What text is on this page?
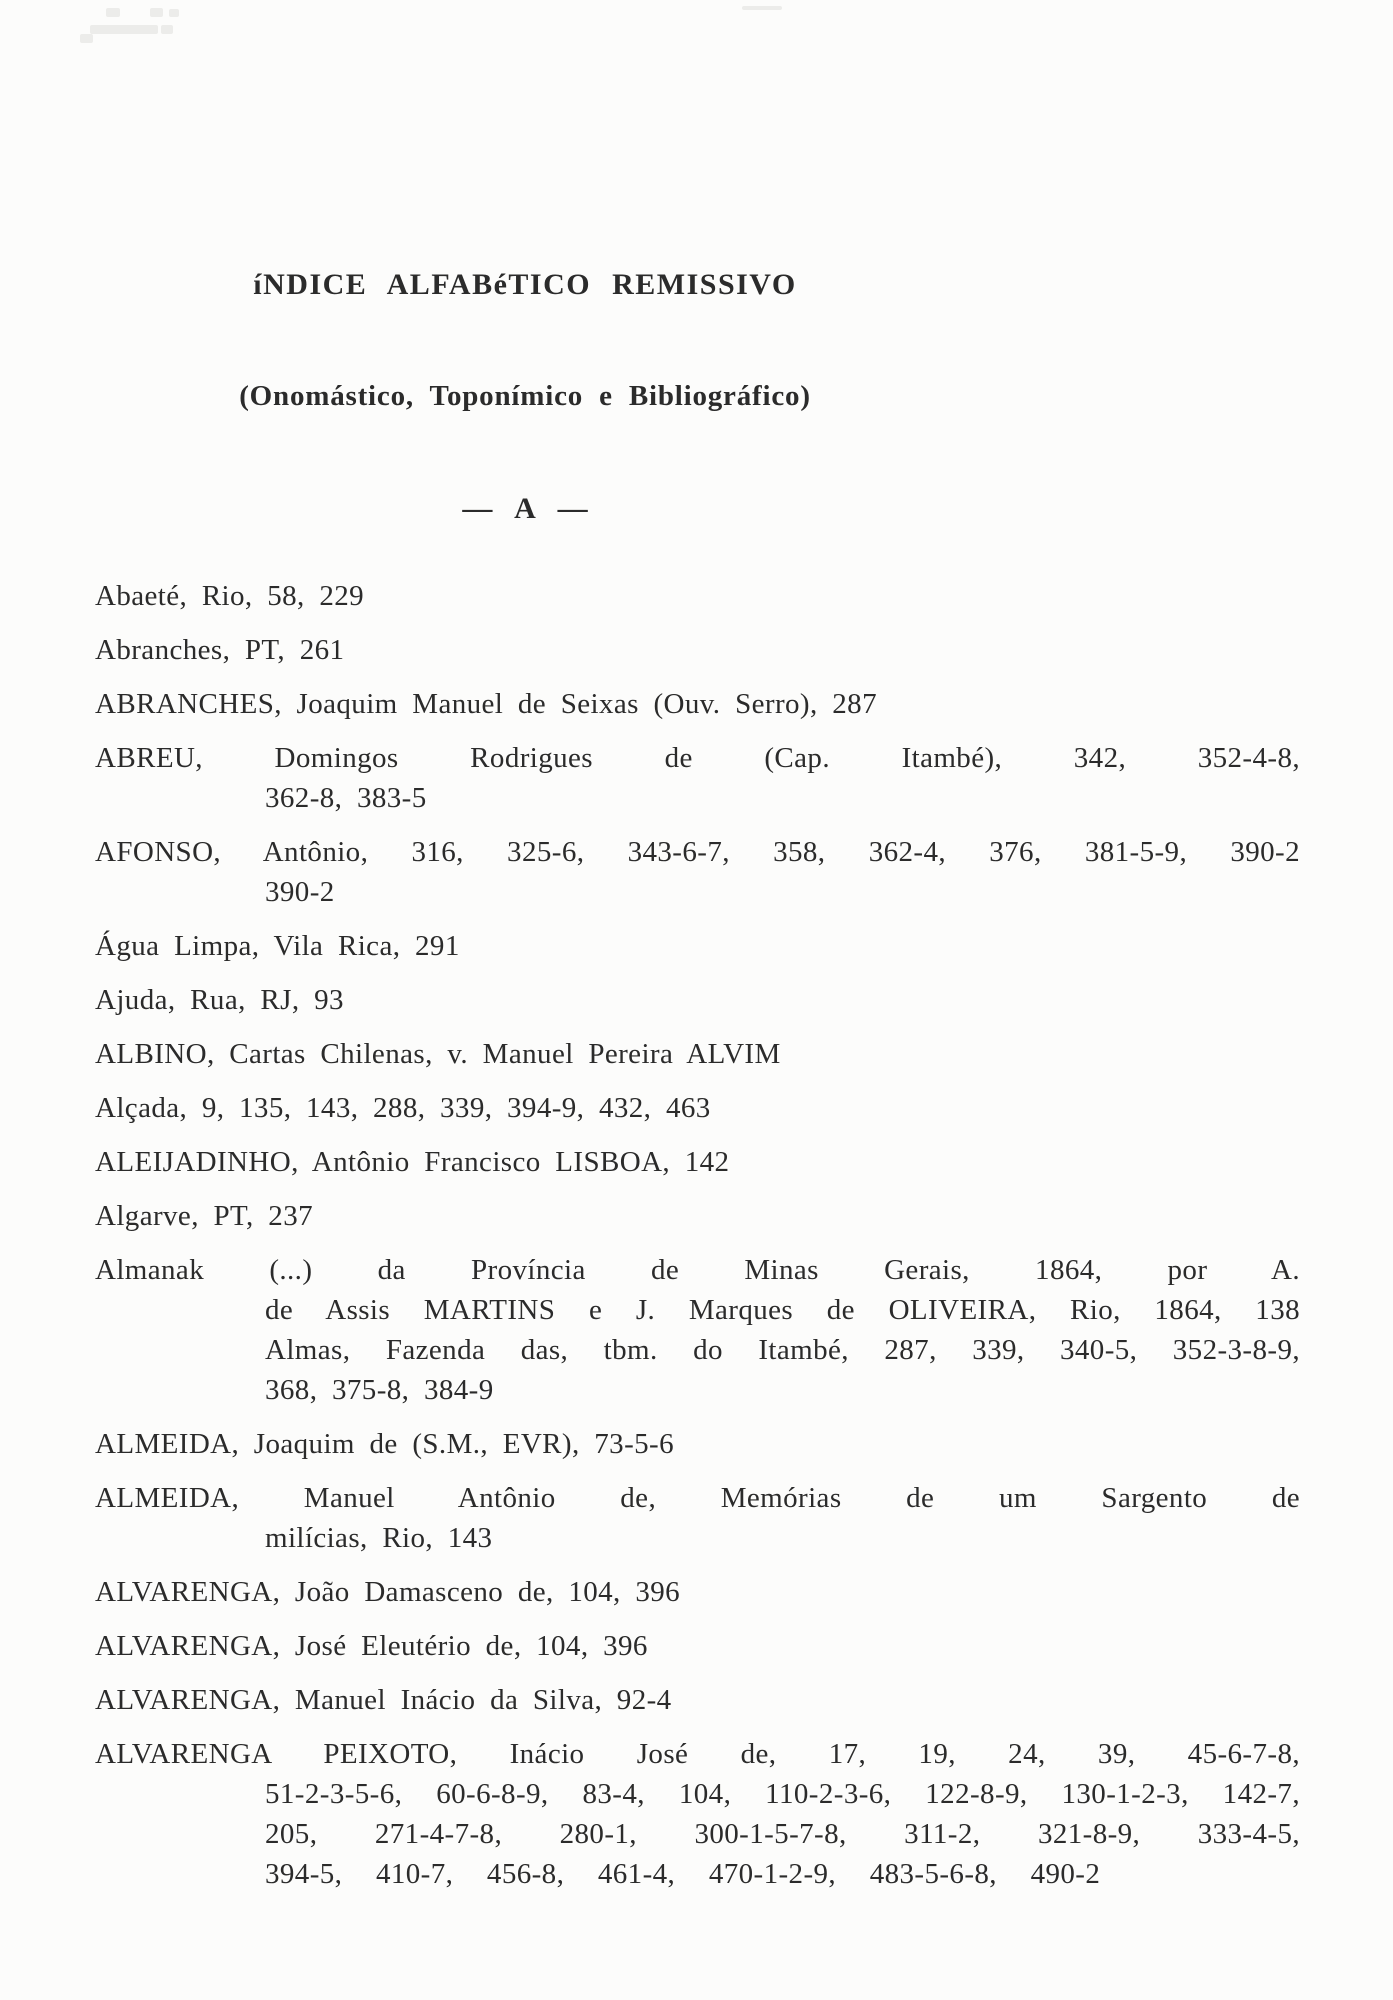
íNDICE ALFABéTICO REMISSIVO
(Onomástico, Toponímico e Bibliográfico)
— A —
Abaeté, Rio, 58, 229
Abranches, PT, 261
ABRANCHES, Joaquim Manuel de Seixas (Ouv. Serro), 287
ABREU, Domingos Rodrigues de (Cap. Itambé), 342, 352-4-8,
362-8, 383-5
AFONSO, Antônio, 316, 325-6, 343-6-7, 358, 362-4, 376, 381-5-9, 390-2
390-2
Água Limpa, Vila Rica, 291
Ajuda, Rua, RJ, 93
ALBINO, Cartas Chilenas, v. Manuel Pereira ALVIM
Alçada, 9, 135, 143, 288, 339, 394-9, 432, 463
ALEIJADINHO, Antônio Francisco LISBOA, 142
Algarve, PT, 237
Almanak (...) da Província de Minas Gerais, 1864, por A.
de Assis MARTINS e J. Marques de OLIVEIRA, Rio, 1864, 138
Almas, Fazenda das, tbm. do Itambé, 287, 339, 340-5, 352-3-8-9,
368, 375-8, 384-9
ALMEIDA, Joaquim de (S.M., EVR), 73-5-6
ALMEIDA, Manuel Antônio de, Memórias de um Sargento de
milícias, Rio, 143
ALVARENGA, João Damasceno de, 104, 396
ALVARENGA, José Eleutério de, 104, 396
ALVARENGA, Manuel Inácio da Silva, 92-4
ALVARENGA PEIXOTO, Inácio José de, 17, 19, 24, 39, 45-6-7-8,
51-2-3-5-6, 60-6-8-9, 83-4, 104, 110-2-3-6, 122-8-9, 130-1-2-3, 142-7,
205, 271-4-7-8, 280-1, 300-1-5-7-8, 311-2, 321-8-9, 333-4-5,
394-5, 410-7, 456-8, 461-4, 470-1-2-9, 483-5-6-8, 490-2
